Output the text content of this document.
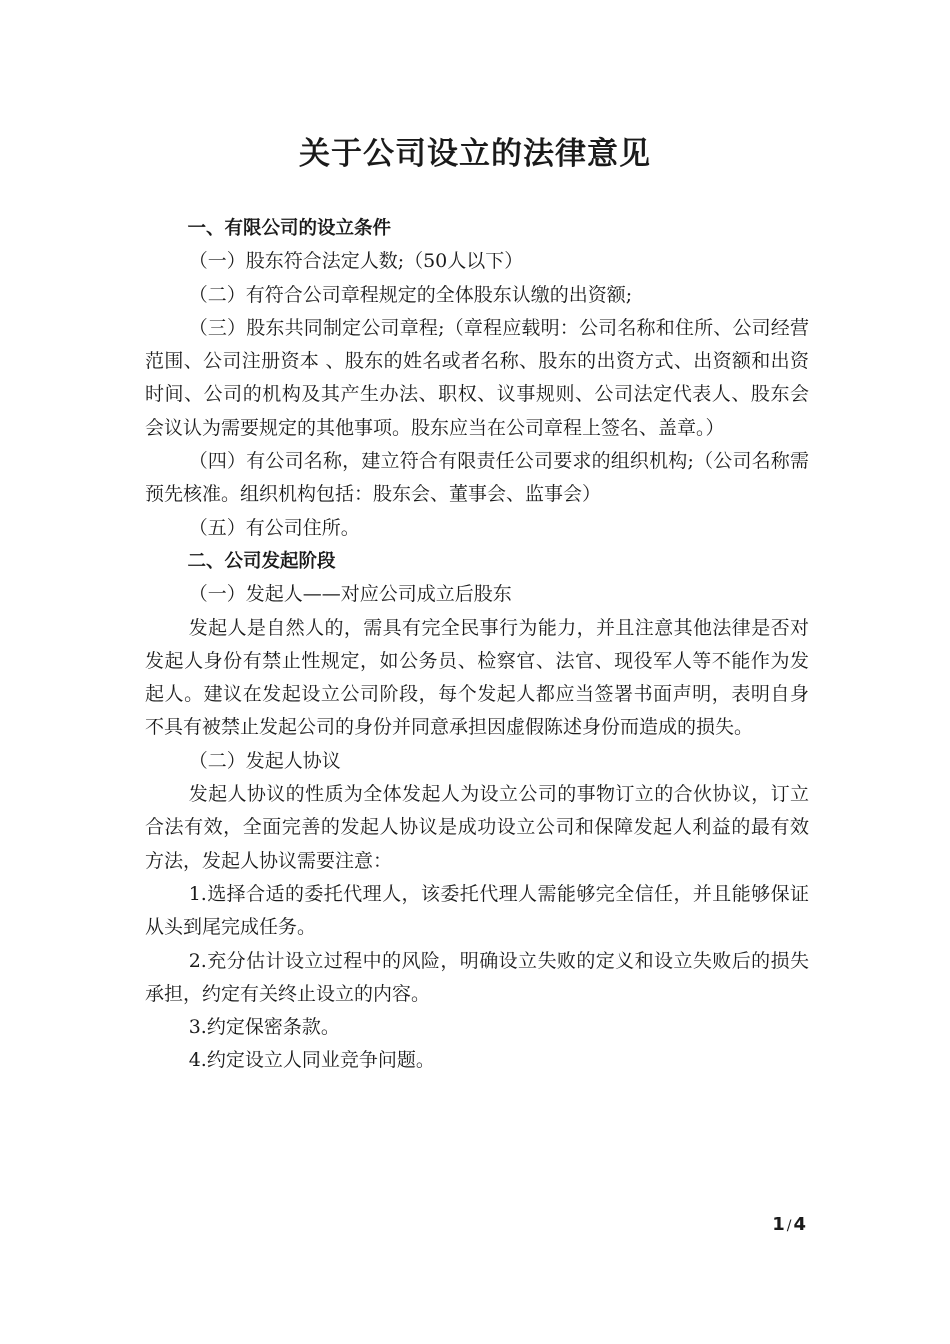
关于公司设立的法律意见

一、有限公司的设立条件

（一）股东符合法定人数;（50人以下）

（二）有符合公司章程规定的全体股东认缴的出资额;

（三）股东共同制定公司章程;（章程应载明：公司名称和住所、公司经营范围、公司注册资本 、股东的姓名或者名称、股东的出资方式、出资额和出资时间、公司的机构及其产生办法、职权、议事规则、公司法定代表人、股东会会议认为需要规定的其他事项。股东应当在公司章程上签名、盖章。）

（四）有公司名称，建立符合有限责任公司要求的组织机构;（公司名称需预先核准。组织机构包括：股东会、董事会、监事会）

（五）有公司住所。

二、公司发起阶段

（一）发起人——对应公司成立后股东

发起人是自然人的，需具有完全民事行为能力，并且注意其他法律是否对发起人身份有禁止性规定，如公务员、检察官、法官、现役军人等不能作为发起人。建议在发起设立公司阶段，每个发起人都应当签署书面声明，表明自身不具有被禁止发起公司的身份并同意承担因虚假陈述身份而造成的损失。

（二）发起人协议

发起人协议的性质为全体发起人为设立公司的事物订立的合伙协议，订立合法有效，全面完善的发起人协议是成功设立公司和保障发起人利益的最有效方法，发起人协议需要注意：

1.选择合适的委托代理人，该委托代理人需能够完全信任，并且能够保证从头到尾完成任务。

2.充分估计设立过程中的风险，明确设立失败的定义和设立失败后的损失承担，约定有关终止设立的内容。

3.约定保密条款。

4.约定设立人同业竞争问题。

1 / 4
